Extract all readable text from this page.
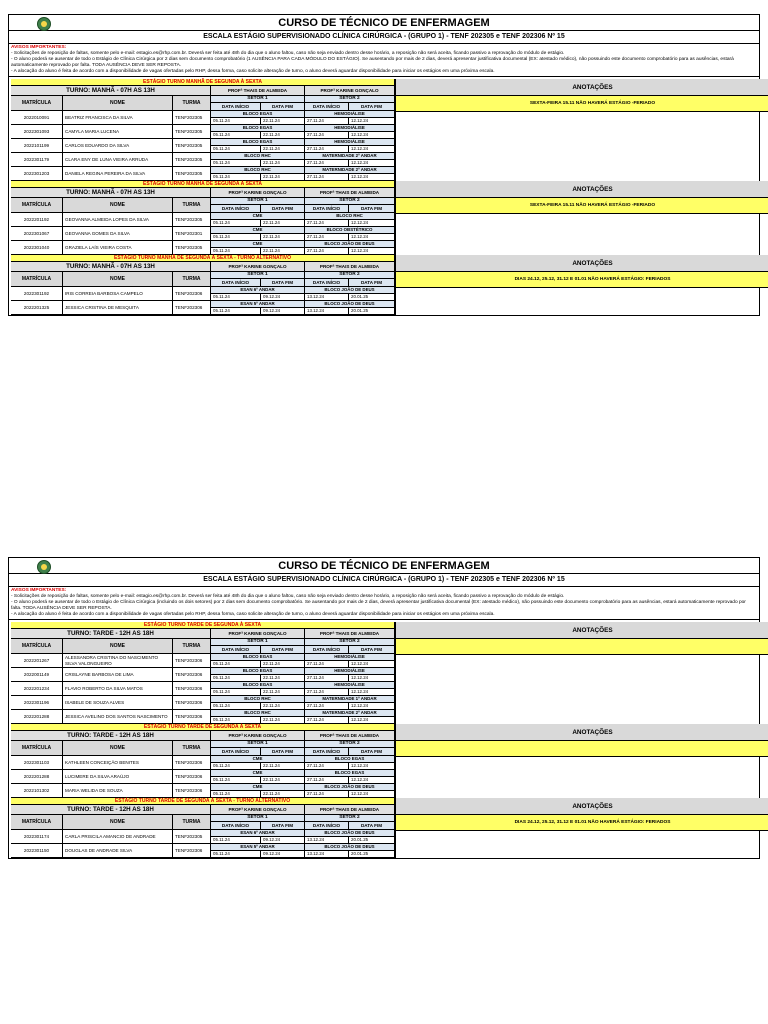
CURSO DE TÉCNICO DE ENFERMAGEM
ESCALA ESTÁGIO SUPERVISIONADO CLÍNICA CIRÚRGICA - (GRUPO 1) - TENF 202305 e TENF 202306 Nº 15
AVISOS IMPORTANTES:

- Solicitações de reposição de faltas, somente pelo e-mail: estagio.es@rhp.com.br. Deverá ser feita até 48h do dia que o aluno faltou, caso não seja enviado dentro desse horário, a reposição não será aceita, ficando passivo a reprovação do módulo de estágio.

- O aluno poderá se ausentar de todo o Estágio de Clínica Cirúrgica por 2 dias sem documento comprobatório (1 AUSÊNCIA PARA CADA MÓDULO DO ESTÁGIO). Se ausentando por mais de 2 dias, deverá apresentar justificativa documental (EX: atestado médico), não possuindo este documento comprobatório para as ausências, estará automaticamente reprovado por falta. TODA AUSÊNCIA DEVE SER REPOSTA.

- A alocação do aluno é feita de acordo com a disponibilidade de vagas ofertadas pelo RHP, dessa forma, caso solicite alteração de turno, o aluno deverá aguardar disponibilidade para iniciar os estágios em uma próxima escala.

ESTÁGIO TURNO MANHÃ DE SEGUNDA À SEXTA
TURNO: MANHÃ - 07H AS 13H	PROFª THAIS DE ALMEIDA	PROFª KARINE GONÇALO
MATRÍCULA	NOME	TURMA
SETOR 1	SETOR 2
DATA INÍCIO	DATA FIM	DATA INÍCIO	DATA FIM
2022010091	BEATRIZ FRANCISCA DA SILVA	TENF202305
BLOCO EGAS	HEMODIÁLISE
05.11.24	22.11.24	27.11.24	12.12.24
2022301093	CAMYLA MARIA LUCENA	TENF202305
BLOCO EGAS	HEMODIÁLISE
05.11.24	22.11.24	27.11.24	12.12.24
2022101199	CARLOS EDUARDO DA SILVA	TENF202305
BLOCO EGAS	HEMODIÁLISE
05.11.24	22.11.24	27.11.24	12.12.24
2022301179	CLARA ENY DE LUNA VIEIRA ARRUDA	TENF202305
BLOCO RHC	MATERNIDADE 2º ANDAR
05.11.24	22.11.24	27.11.24	12.12.24
2022301203	DANIELA REGINA PEREIRA DA SILVA	TENF202305
BLOCO RHC	MATERNIDADE 2º ANDAR
05.11.24	22.11.24	27.11.24	12.12.24
ANOTAÇÕES
SEXTA-FEIRA 15.11 NÃO HAVERÁ ESTÁGIO -FERIADO
ESTÁGIO TURNO MANHÃ DE SEGUNDA À SEXTA
TURNO: MANHÃ - 07H AS 13H	PROFª KARINE GONÇALO	PROFª THAIS DE ALMEIDA
MATRÍCULA	NOME	TURMA
SETOR 1	SETOR 2
DATA INÍCIO	DATA FIM	DATA INÍCIO	DATA FIM
2022201192	GEOVANNA ALMEIDA LOPES DA SILVA	TENF202305
CME	BLOCO RHC
05.11.24	22.11.24	27.11.24	12.12.24
2022301067	GEOVANNA GOMES DA SILVA	TENF202301
CME	BLOCO OBSTÉTRICO
05.11.24	22.11.24	27.11.24	12.12.24
2022301040	GRAZIELA LAÍS VIEIRA COSTA	TENF202305
CME	BLOCO JOÃO DE DEUS
05.11.24	22.11.24	27.11.24	12.12.24
ANOTAÇÕES
SEXTA-FEIRA 15.11 NÃO HAVERÁ ESTÁGIO -FERIADO
ESTÁGIO TURNO MANHÃ DE SEGUNDA À SEXTA - TURNO ALTERNATIVO
TURNO: MANHÃ - 07H AS 13H	PROFª KARINE GONÇALO	PROFª THAIS DE ALMEIDA
MATRÍCULA	NOME	TURMA
SETOR 1	SETOR 2
DATA INÍCIO	DATA FIM	DATA INÍCIO	DATA FIM
2022301192	IRIS CORREIA BARBOSA CAMPELO	TENF202306
ESAN 6º ANDAR	BLOCO JOÃO DE DEUS
05.11.24	09.12.24	13.12.24	20.01.25
2022201325	JESSICA CRISTINA DE MESQUITA	TENF202306
ESAN 5º ANDAR	BLOCO JOÃO DE DEUS
05.11.24	09.12.24	13.12.24	20.01.25
ANOTAÇÕES
DIAS 24.12, 25.12, 31.12 E 01.01 NÃO HAVERÁ ESTÁGIO: FERIADOS
CURSO DE TÉCNICO DE ENFERMAGEM
ESCALA ESTÁGIO SUPERVISIONADO CLÍNICA CIRÚRGICA - (GRUPO 1) - TENF 202305 e TENF 202306 Nº 15
AVISOS IMPORTANTES:

- Solicitações de reposição de faltas, somente pelo e-mail: estagio.es@rhp.com.br. Deverá ser feita até 48h do dia que o aluno faltou, caso não seja enviado dentro desse horário, a reposição não será aceita, ficando passivo a reprovação do módulo de estágio.

- O aluno poderá se ausentar de todo o Estágio de Clínica Cirúrgica (incluindo os dois setores) por 2 dias sem documento comprobatório. Se ausentando por mais de 2 dias, deverá apresentar justificativa documental (EX: atestado médico), não possuindo este documento comprobatório para as ausências, estará automaticamente reprovado por falta. TODA AUSÊNCIA DEVE SER REPOSTA.

- A alocação do aluno é feita de acordo com a disponibilidade de vagas ofertadas pelo RHP, dessa forma, caso solicite alteração de turno, o aluno deverá aguardar disponibilidade para iniciar os estágios em uma próxima escala.

ESTÁGIO TURNO TARDE DE SEGUNDA À SEXTA
TURNO: TARDE - 12H AS 18H	PROFª KARINE GONÇALO	PROFª THAIS DE ALMEIDA
MATRÍCULA	NOME	TURMA
SETOR 1	SETOR 2
DATA INÍCIO	DATA FIM	DATA INÍCIO	DATA FIM
2022201267
ALESSANDRA CRISTINA DO NASCIMENTO SILVA VALONGUEIRO
TENF202306
BLOCO EGAS	HEMODIÁLISE
05.11.24	22.11.24	27.11.24	12.12.24
2022001149	CRISLAYNE BARBOSA DE LIMA	TENF202306
BLOCO EGAS	HEMODIÁLISE
05.11.24	22.11.24	27.11.24	12.12.24
2022201234	FLAVIO ROBERTO DA SILVA MATOS	TENF202306
BLOCO EGAS	HEMODIÁLISE
05.11.24	22.11.24	27.11.24	12.12.24
2022301196	ISABELE DE SOUZA ALVES	TENF202306
BLOCO RHC	MATERNIDADE 1º ANDAR
05.11.24	22.11.24	27.11.24	12.12.24
2022201288	JESSICA AVELINO DOS SANTOS NASCIMENTO	TENF202306
BLOCO RHC	MATERNIDADE 2º ANDAR
05.11.24	22.11.24	27.11.24	12.12.24
ANOTAÇÕES
ESTÁGIO TURNO TARDE DE SEGUNDA À SEXTA
TURNO: TARDE - 12H AS 18H	PROFª KARINE GONÇALO	PROFª THAIS DE ALMEIDA
MATRÍCULA	NOME	TURMA
SETOR 1	SETOR 2
DATA INÍCIO	DATA FIM	DATA INÍCIO	DATA FIM
2022301103	KATHLEEN CONCEIÇÃO BENITES	TENF202306
CME	BLOCO EGAS
05.11.24	22.11.24	27.11.24	12.12.24
2022201288	LUCIMERE DA SILVA ARAÚJO	TENF202306
CME	BLOCO EGAS
05.11.24	22.11.24	27.11.24	12.12.24
2022101302	MARIA WELIDA DE SOUZA	TENF202306
CME	BLOCO JOÃO DE DEUS
05.11.24	22.11.24	27.11.24	12.12.24
ANOTAÇÕES
ESTÁGIO TURNO TARDE DE SEGUNDA À SEXTA - TURNO ALTERNATIVO
TURNO: TARDE - 12H AS 18H	PROFª KARINE GONÇALO	PROFª THAIS DE ALMEIDA
MATRÍCULA	NOME	TURMA
SETOR 1	SETOR 2
DATA INÍCIO	DATA FIM	DATA INÍCIO	DATA FIM
2022301174	CARLA PRISCILA AMANCIO DE ANDRADE	TENF202305
ESAN 6º ANDAR	BLOCO JOÃO DE DEUS
05.11.24	09.12.24	13.12.24	20.01.25
2022301150	DOUGLAS DE ANDRADE SILVA	TENF202306
ESAN 5º ANDAR	BLOCO JOÃO DE DEUS
05.11.24	09.12.24	13.12.24	20.01.25
ANOTAÇÕES
DIAS 24.12, 25.12, 31.12 E 01.01 NÃO HAVERÁ ESTÁGIO: FERIADOS
